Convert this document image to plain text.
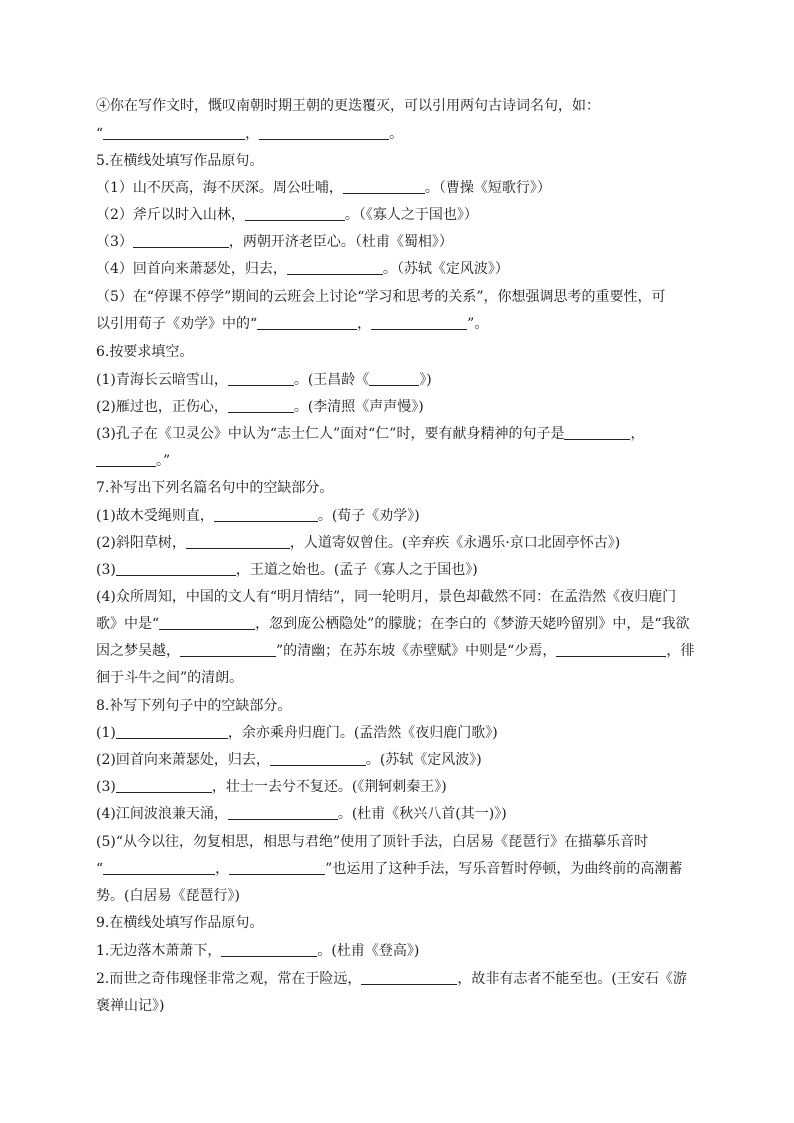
④你在写作文时，慨叹南朝时期王朝的更迭覆灭，可以引用两句古诗词名句，如：
“	，	。
5.在横线处填写作品原句。
（1）山不厌高，海不厌深。周公吐哺，	。（曹操《短歌行》）
（2）斧斤以时入山林，	。（《寡人之于国也》）
（3）	，两朝开济老臣心。（杜甫《蜀相》）
（4）回首向来萧瑟处，归去，	。（苏轼《定风波》）
（5）在“停课不停学”期间的云班会上讨论“学习和思考的关系”，你想强调思考的重要性，可
以引用荀子《劝学》中的“	，	”。
6.按要求填空。
(1)青海长云暗雪山，	。(王昌龄《	》)
(2)雁过也，正伤心，	。(李清照《声声慢》)
(3)孔子在《卫灵公》中认为“志士仁人”面对“仁”时，要有献身精神的句子是	，
。”
7.补写出下列名篇名句中的空缺部分。
(1)故木受绳则直，	。(荀子《劝学》)
(2)斜阳草树，	，人道寄奴曾住。(辛弃疾《永遇乐·京口北固亭怀古》)
(3)	，王道之始也。(孟子《寡人之于国也》)
(4)众所周知，中国的文人有“明月情结”，同一轮明月，景色却截然不同：在孟浩然《夜归鹿门
歌》中是“	，忽到庞公栖隐处”的朦胧；在李白的《梦游天姥吟留别》中，是“我欲
因之梦吴越，	”的清幽；在苏东坡《赤壁赋》中则是“少焉，	，徘
徊于斗牛之间”的清朗。
8.补写下列句子中的空缺部分。
(1)	，余亦乘舟归鹿门。(孟浩然《夜归鹿门歌》)
(2)回首向来萧瑟处，归去，	。(苏轼《定风波》)
(3)	，壮士一去兮不复还。(《荆轲刺秦王》)
(4)江间波浪兼天涌，	。(杜甫《秋兴八首(其一)》)
(5)“从今以往，勿复相思，相思与君绝”使用了顶针手法，白居易《琵琶行》在描摹乐音时
“	，	”也运用了这种手法，写乐音暂时停顿，为曲终前的高潮蓄
势。(白居易《琵琶行》)
9.在横线处填写作品原句。
1.无边落木萧萧下，	。(杜甫《登高》)
2.而世之奇伟瑰怪非常之观，常在于险远，	，故非有志者不能至也。(王安石《游
褒禅山记》)
